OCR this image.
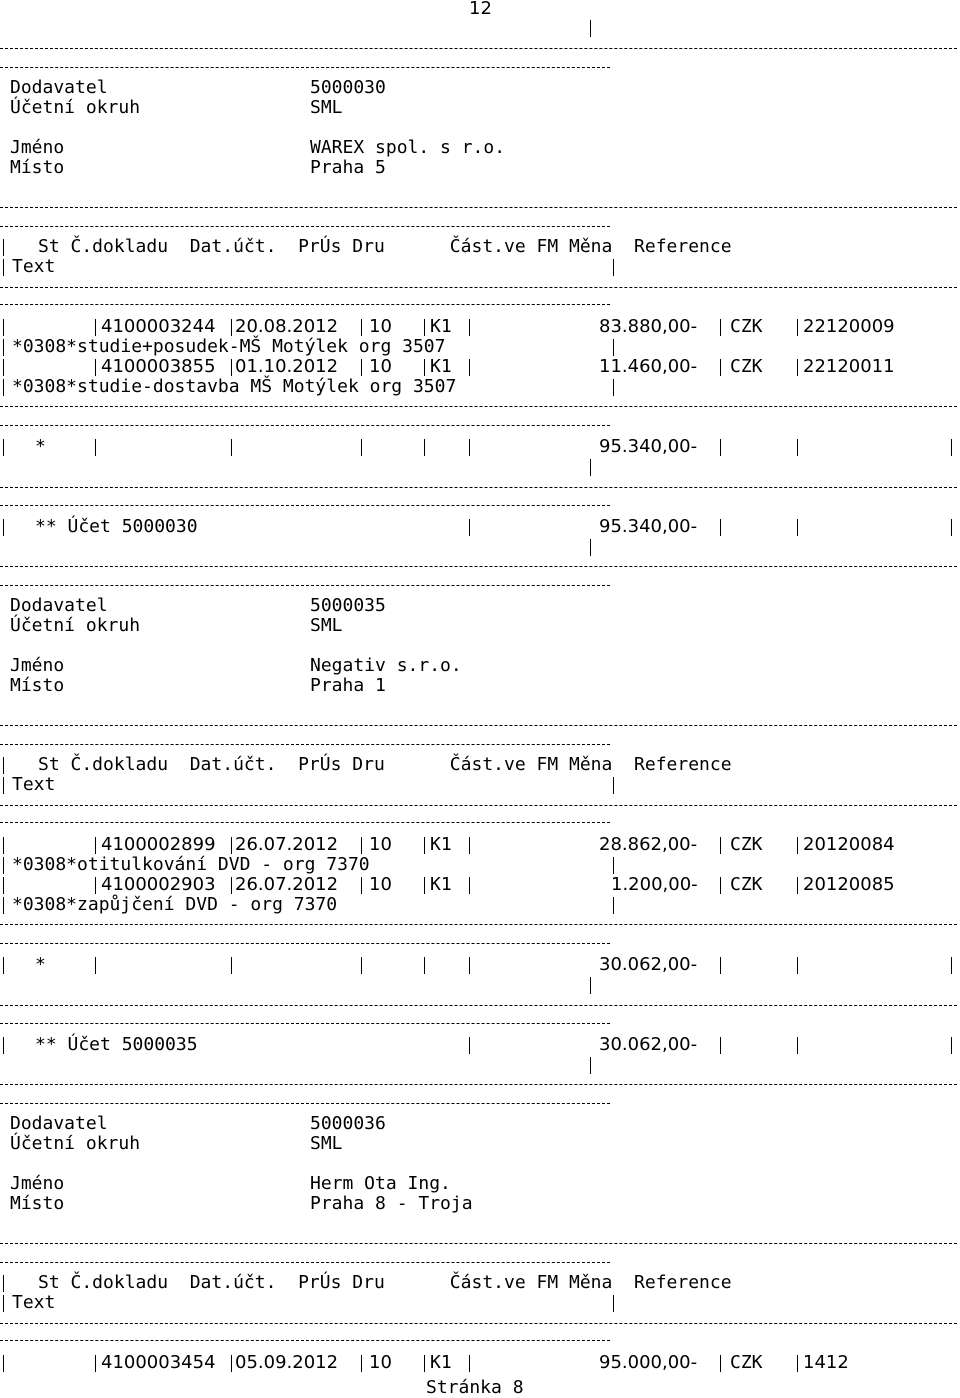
12
Dodavatel	5000030
Účetní okruh	SML
Jméno	WAREX spol. s r.o.
Místo	Praha 5
St Č.dokladu  Dat.účt.  PrÚs Dru      Část.ve FM Měna  Reference
Text
4100003244 20.08.2012 10 K1	83.880,00- CZK 22120009
*0308*studie+posudek-MŠ Motýlek org 3507
4100003855 01.10.2012 10 K1	11.460,00- CZK 22120011
*0308*studie-dostavba MŠ Motýlek org 3507
*	95.340,00-
** Účet 5000030	95.340,00-
Dodavatel	5000035
Účetní okruh	SML
Jméno	Negativ s.r.o.
Místo	Praha 1
St Č.dokladu  Dat.účt.  PrÚs Dru      Část.ve FM Měna  Reference
Text
4100002899 26.07.2012 10 K1	28.862,00- CZK 20120084
*0308*otitulkování DVD - org 7370
4100002903 26.07.2012 10 K1	1.200,00- CZK 20120085
*0308*zapůjčení DVD - org 7370
*	30.062,00-
** Účet 5000035	30.062,00-
Dodavatel	5000036
Účetní okruh	SML
Jméno	Herm Ota Ing.
Místo	Praha 8 - Troja
St Č.dokladu  Dat.účt.  PrÚs Dru      Část.ve FM Měna  Reference
Text
4100003454 05.09.2012 10 K1	95.000,00- CZK 1412
Stránka 8
